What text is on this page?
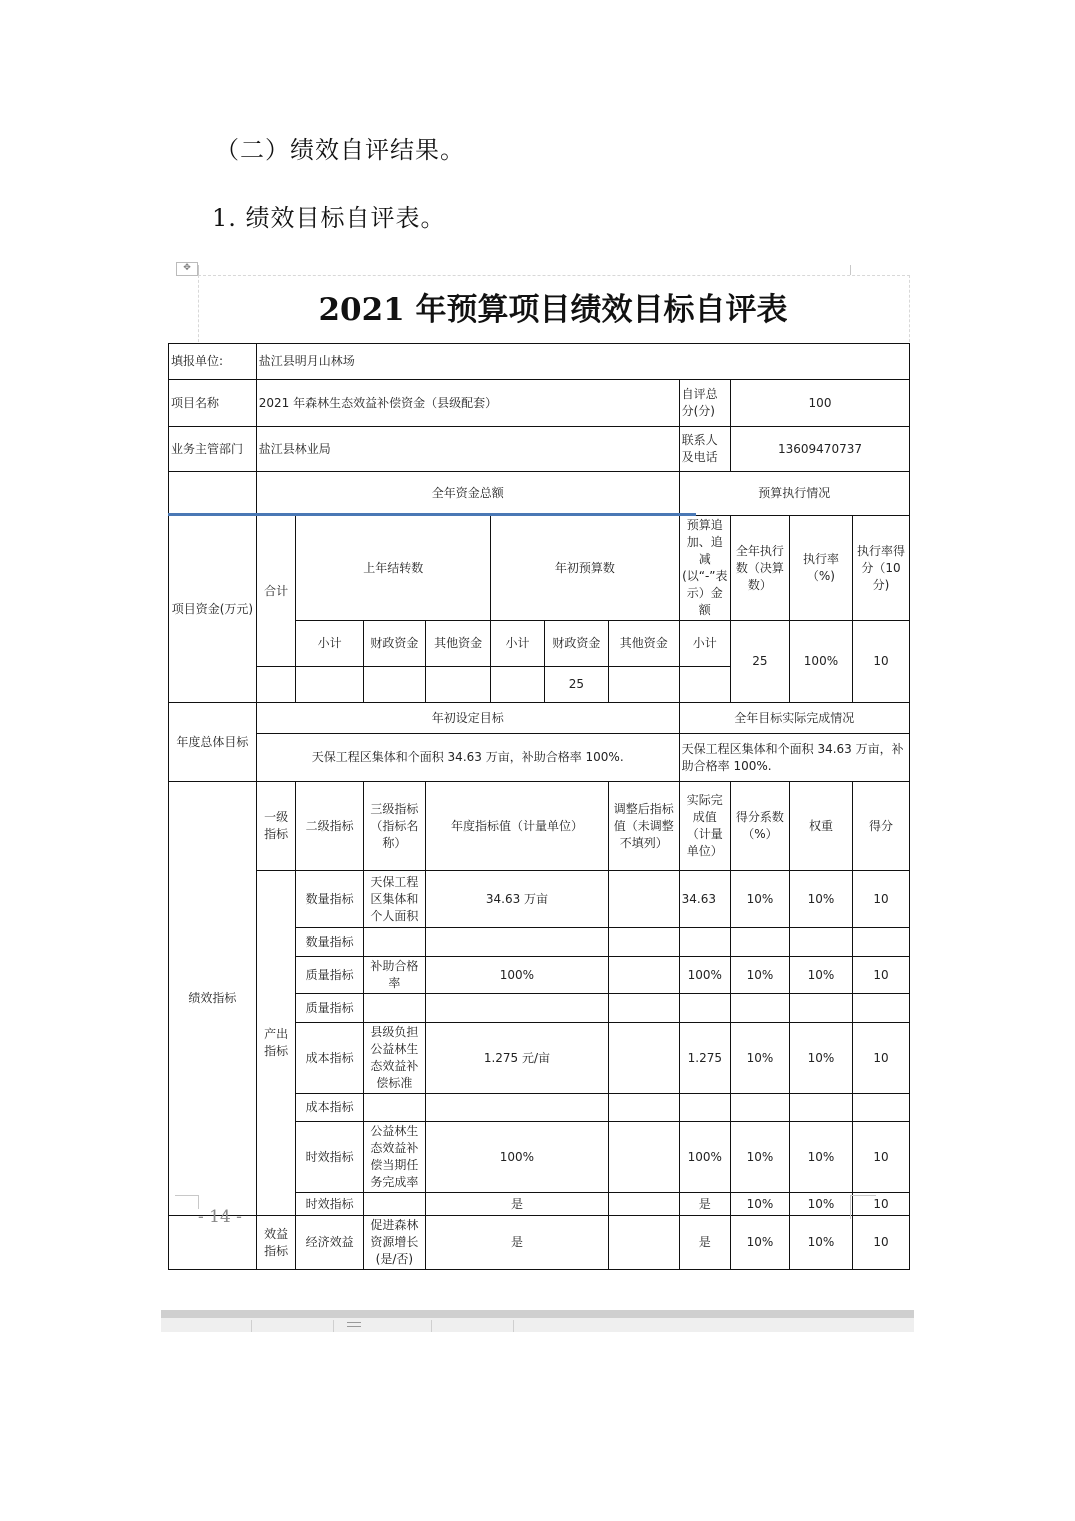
（二）绩效自评结果。
1. 绩效目标自评表。
✥
2021 年预算项目绩效目标自评表
填报单位:	盐江县明月山林场										
项目名称	2021 年森林生态效益补偿资金（县级配套）							自评总分(分)	100		
业务主管部门	盐江县林业局							联系人及电话	13609470737		
	全年资金总额							预算执行情况			
项目资金(万元)	合计	上年结转数			年初预算数			预算追加、追减(以“-”表示）金额	全年执行数（决算数）	执行率（%)	执行率得分（10分)
		小计	财政资金	其他资金	小计	财政资金	其他资金	小计	25	100%	10
						25					
年度总体目标	年初设定目标							全年目标实际完成情况			
	天保工程区集体和个面积 34.63 万亩，补助合格率 100%.							天保工程区集体和个面积 34.63 万亩，补助合格率 100%.			
绩效指标	一级指标	二级指标	三级指标（指标名称）	年度指标值（计量单位）			调整后指标值（未调整不填列）	实际完成值（计量单位）	得分系数（%）	权重	得分
	产出指标	数量指标	天保工程区集体和个人面积	34.63 万亩				34.63	10%	10%	10
		数量指标									
		质量指标	补助合格率	100%				100%	10%	10%	10
		质量指标									
		成本指标	县级负担公益林生态效益补偿标准	1.275 元/亩				1.275	10%	10%	10
		成本指标									
		时效指标	公益林生态效益补偿当期任务完成率	100%				100%	10%	10%	10
		时效指标		是				是	10%	10%	10
	效益指标	经济效益	促进森林资源增长(是/否)	是				是	10%	10%	10
- 14 -
